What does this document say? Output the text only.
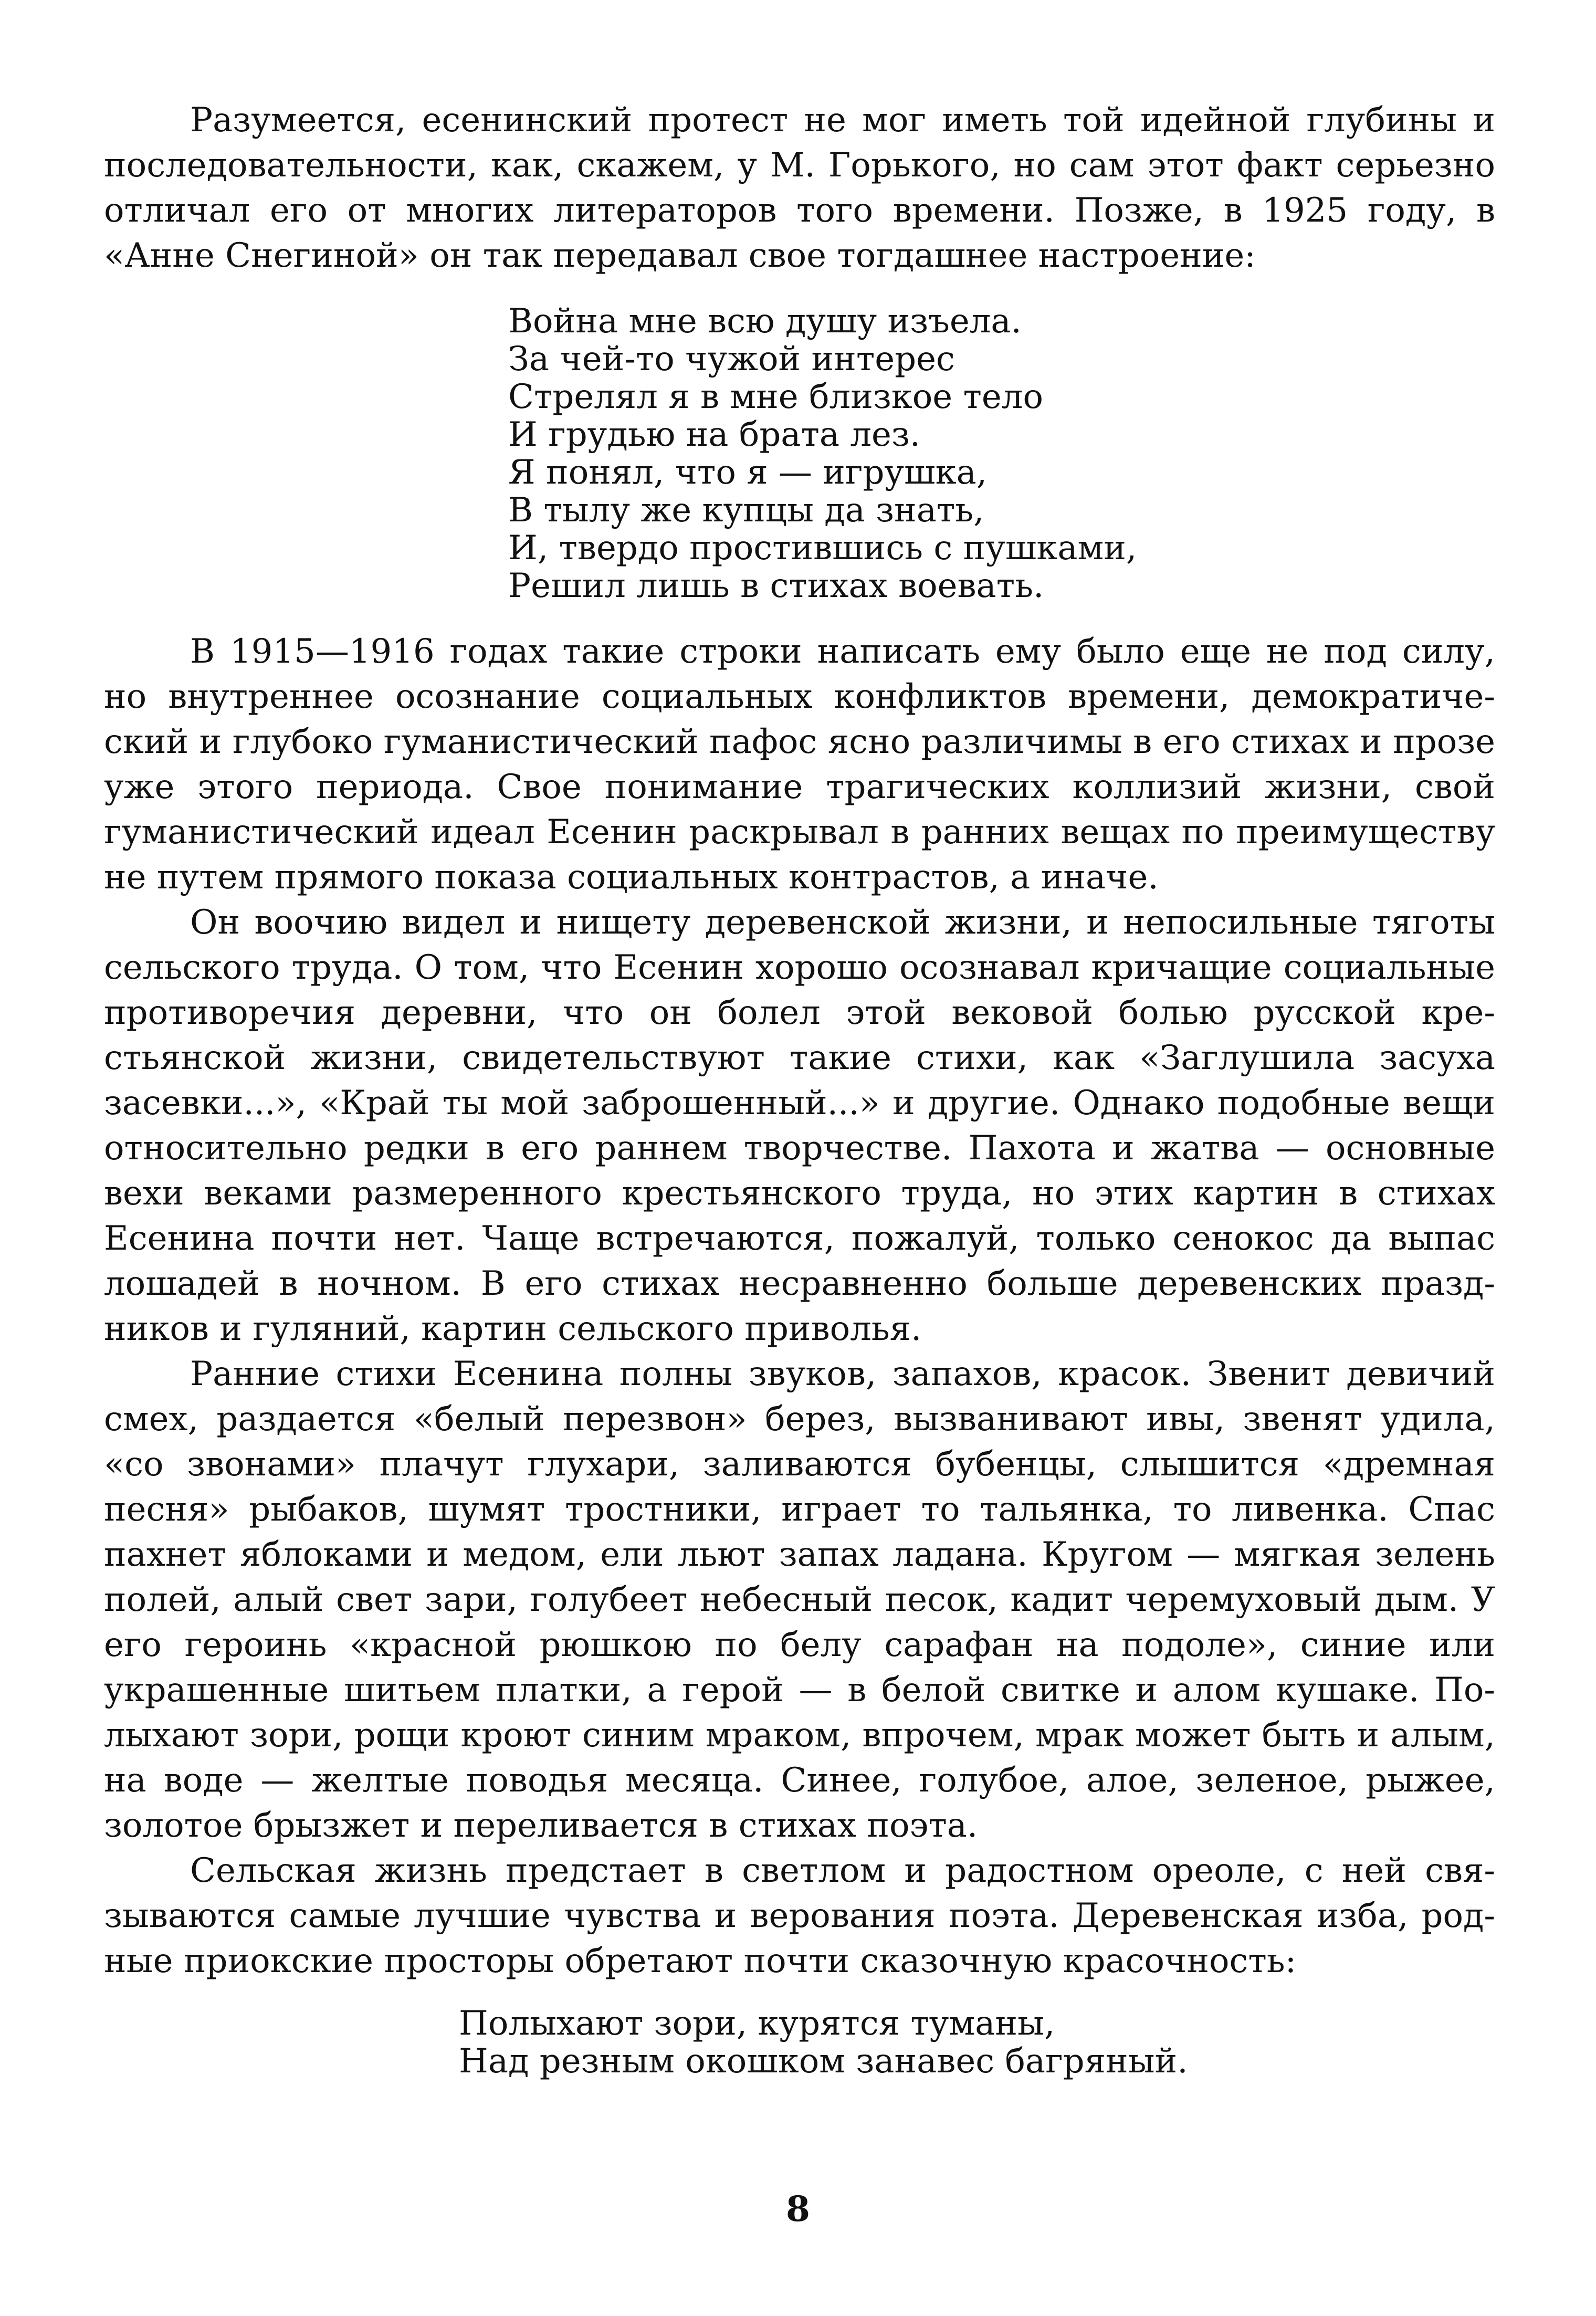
Разумеется, есенинский протест не мог иметь той идейной глубины и последовательности, как, скажем, у М. Горького, но сам этот факт серьезно отличал его от многих литераторов того времени. Позже, в 1925 году, в «Анне Снегиной» он так передавал свое тогдашнее настроение:

Война мне всю душу изъела.
За чей-то чужой интерес
Стрелял я в мне близкое тело
И грудью на брата лез.
Я понял, что я — игрушка,
В тылу же купцы да знать,
И, твердо простившись с пушками,
Решил лишь в стихах воевать.

В 1915—1916 годах такие строки написать ему было еще не под силу, но внутреннее осознание социальных конфликтов времени, демократический и глубоко гуманистический пафос ясно различимы в его стихах и прозе уже этого периода. Свое понимание трагических коллизий жизни, свой гуманистический идеал Есенин раскрывал в ранних вещах по преимуществу не путем прямого показа социальных контрастов, а иначе.

Он воочию видел и нищету деревенской жизни, и непосильные тяготы сельского труда. О том, что Есенин хорошо осознавал кричащие социальные противоречия деревни, что он болел этой вековой болью русской крестьянской жизни, свидетельствуют такие стихи, как «Заглушила засуха засевки...», «Край ты мой заброшенный...» и другие. Однако подобные вещи относительно редки в его раннем творчестве. Пахота и жатва — основные вехи веками размеренного крестьянского труда, но этих картин в стихах Есенина почти нет. Чаще встречаются, пожалуй, только сенокос да выпас лошадей в ночном. В его стихах несравненно больше деревенских праздников и гуляний, картин сельского приволья.

Ранние стихи Есенина полны звуков, запахов, красок. Звенит девичий смех, раздается «белый перезвон» берез, вызванивают ивы, звенят удила, «со звонами» плачут глухари, заливаются бубенцы, слышится «дремная песня» рыбаков, шумят тростники, играет то тальянка, то ливенка. Спас пахнет яблоками и медом, ели льют запах ладана. Кругом — мягкая зелень полей, алый свет зари, голубеет небесный песок, кадит черемуховый дым. У его героинь «красной рюшкою по белу сарафан на подоле», синие или украшенные шитьем платки, а герой — в белой свитке и алом кушаке. Полыхают зори, рощи кроют синим мраком, впрочем, мрак может быть и алым, на воде — желтые поводья месяца. Синее, голубое, алое, зеленое, рыжее, золотое брызжет и переливается в стихах поэта.

Сельская жизнь предстает в светлом и радостном ореоле, с ней связываются самые лучшие чувства и верования поэта. Деревенская изба, родные приокские просторы обретают почти сказочную красочность:

Полыхают зори, курятся туманы,
Над резным окошком занавес багряный.
8
